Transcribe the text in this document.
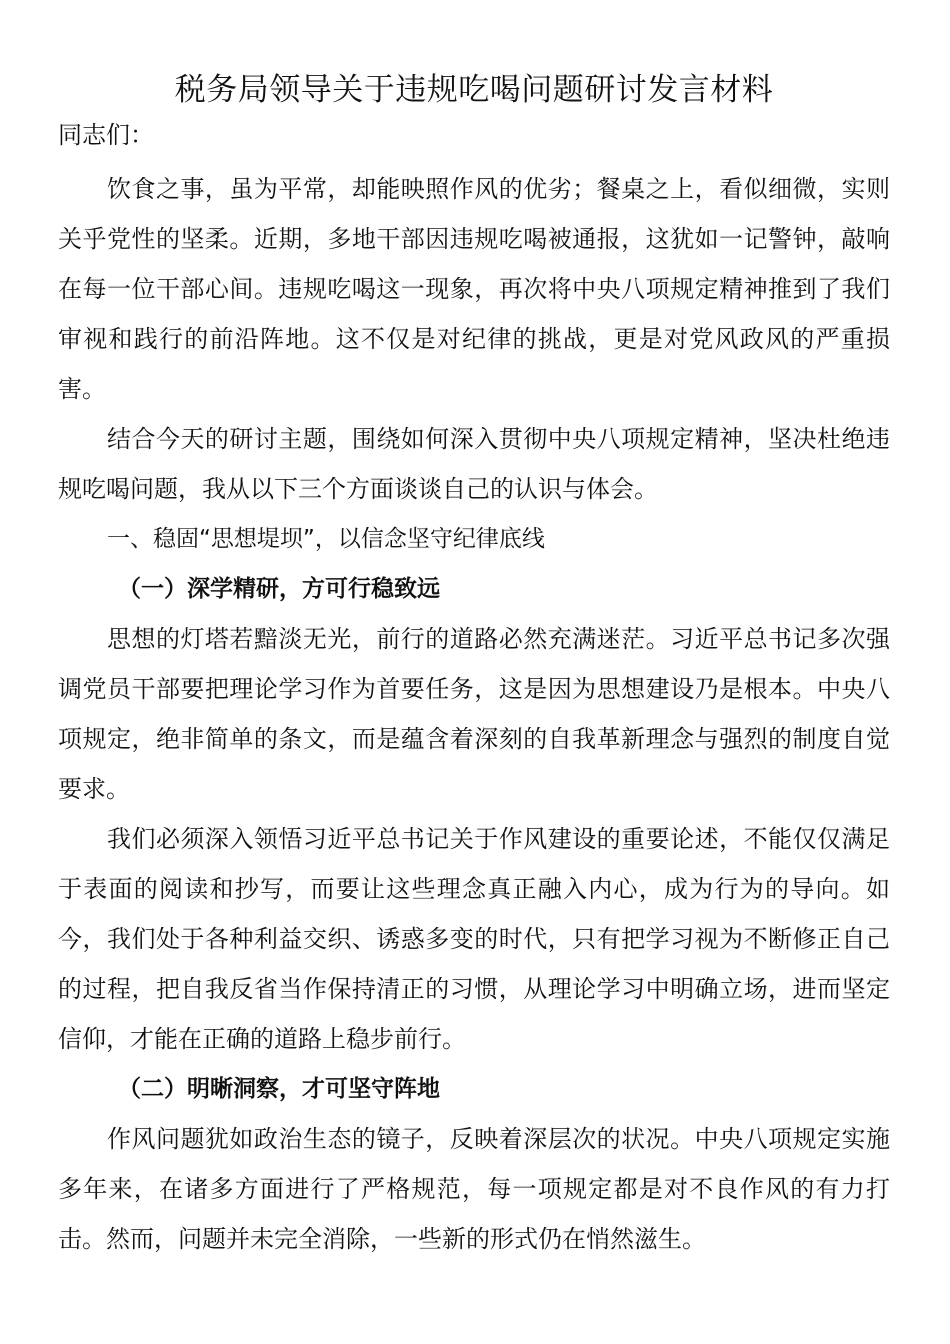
税务局领导关于违规吃喝问题研讨发言材料

同志们：

饮食之事，虽为平常，却能映照作风的优劣；餐桌之上，看似细微，实则关乎党性的坚柔。近期，多地干部因违规吃喝被通报，这犹如一记警钟，敲响在每一位干部心间。违规吃喝这一现象，再次将中央八项规定精神推到了我们审视和践行的前沿阵地。这不仅是对纪律的挑战，更是对党风政风的严重损害。

结合今天的研讨主题，围绕如何深入贯彻中央八项规定精神，坚决杜绝违规吃喝问题，我从以下三个方面谈谈自己的认识与体会。

一、稳固“思想堤坝”，以信念坚守纪律底线

（一）深学精研，方可行稳致远

思想的灯塔若黯淡无光，前行的道路必然充满迷茫。习近平总书记多次强调党员干部要把理论学习作为首要任务，这是因为思想建设乃是根本。中央八项规定，绝非简单的条文，而是蕴含着深刻的自我革新理念与强烈的制度自觉要求。

我们必须深入领悟习近平总书记关于作风建设的重要论述，不能仅仅满足于表面的阅读和抄写，而要让这些理念真正融入内心，成为行为的导向。如今，我们处于各种利益交织、诱惑多变的时代，只有把学习视为不断修正自己的过程，把自我反省当作保持清正的习惯，从理论学习中明确立场，进而坚定信仰，才能在正确的道路上稳步前行。

（二）明晰洞察，才可坚守阵地

作风问题犹如政治生态的镜子，反映着深层次的状况。中央八项规定实施多年来，在诸多方面进行了严格规范，每一项规定都是对不良作风的有力打击。然而，问题并未完全消除，一些新的形式仍在悄然滋生。
